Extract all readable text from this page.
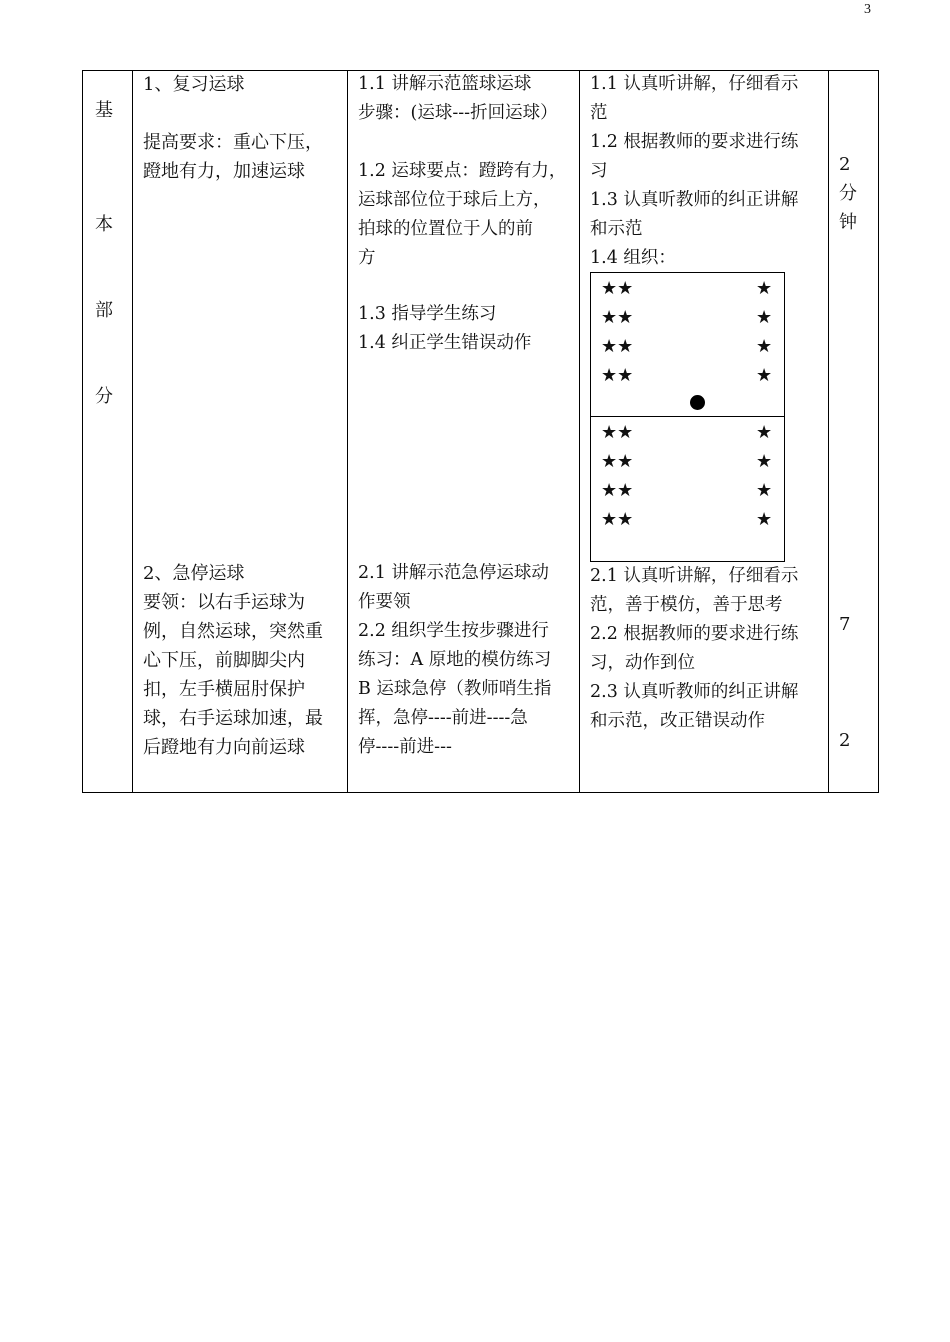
3
基
本
部
分
1、复习运球
提高要求：重心下压，
蹬地有力，加速运球
2、急停运球
要领：以右手运球为
例，自然运球，突然重
心下压，前脚脚尖内
扣，左手横屈肘保护
球，右手运球加速，最
后蹬地有力向前运球
1.1 讲解示范篮球运球
步骤：(运球---折回运球）
1.2 运球要点：蹬跨有力，
运球部位位于球后上方，
拍球的位置位于人的前
方
1.3 指导学生练习
1.4 纠正学生错误动作
2.1 讲解示范急停运球动
作要领
2.2 组织学生按步骤进行
练习：A 原地的模仿练习
B 运球急停（教师哨生指
挥，急停----前进----急
停----前进---
1.1 认真听讲解，仔细看示
范
1.2 根据教师的要求进行练
习
1.3 认真听教师的纠正讲解
和示范
1.4 组织：
★★
★★
★★
★★
★
★
★
★
★★
★★
★★
★★
★
★
★
★
2.1 认真听讲解，仔细看示
范，善于模仿，善于思考
2.2 根据教师的要求进行练
习，动作到位
2.3 认真听教师的纠正讲解
和示范，改正错误动作
2
分
钟
7
2
